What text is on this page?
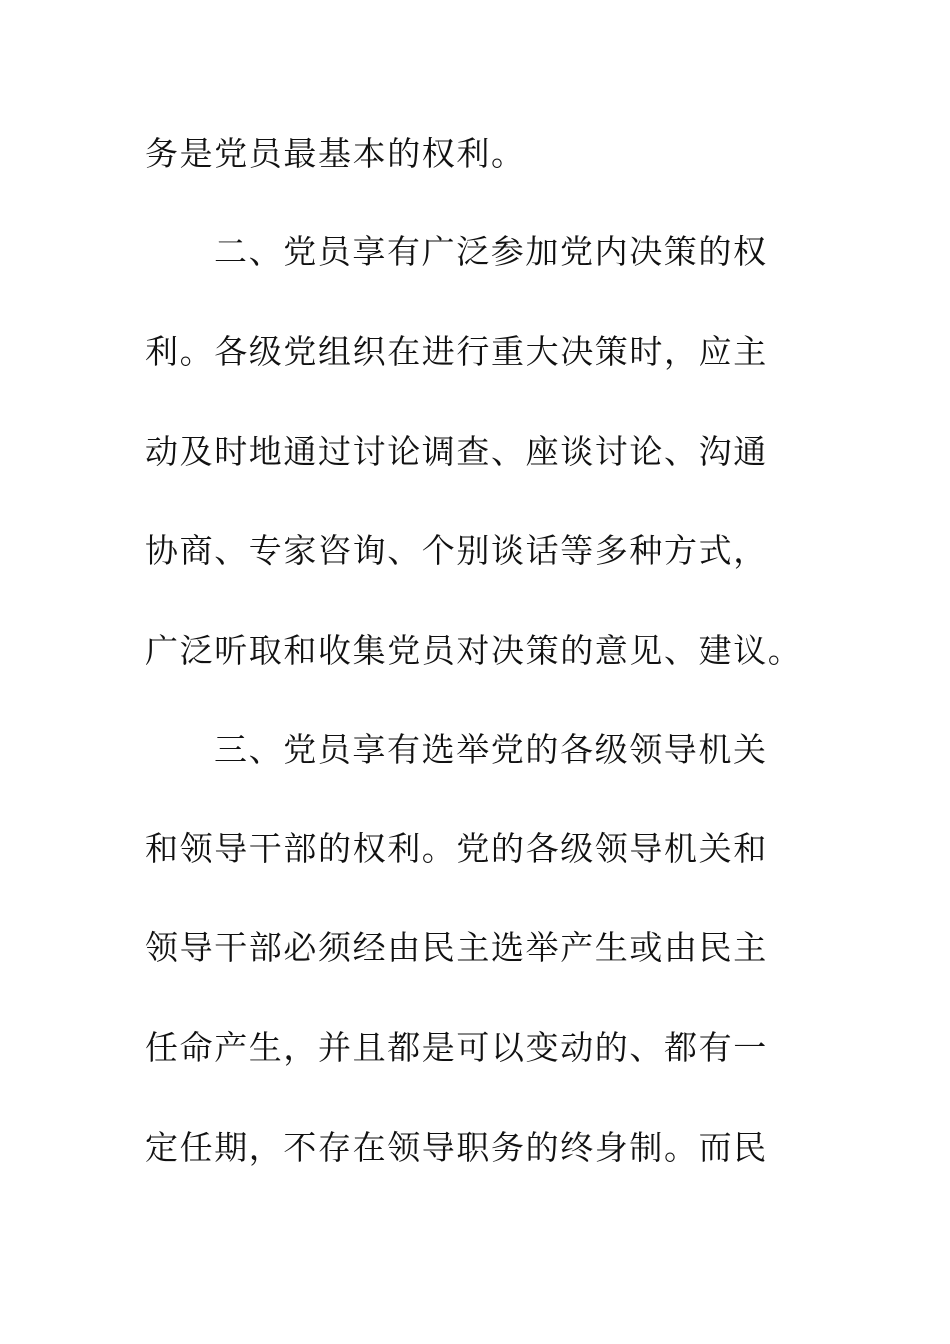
务是党员最基本的权利。
二、党员享有广泛参加党内决策的权
利。各级党组织在进行重大决策时，应主
动及时地通过讨论调查、座谈讨论、沟通
协商、专家咨询、个别谈话等多种方式，
广泛听取和收集党员对决策的意见、建议。
三、党员享有选举党的各级领导机关
和领导干部的权利。党的各级领导机关和
领导干部必须经由民主选举产生或由民主
任命产生，并且都是可以变动的、都有一
定任期，不存在领导职务的终身制。而民
